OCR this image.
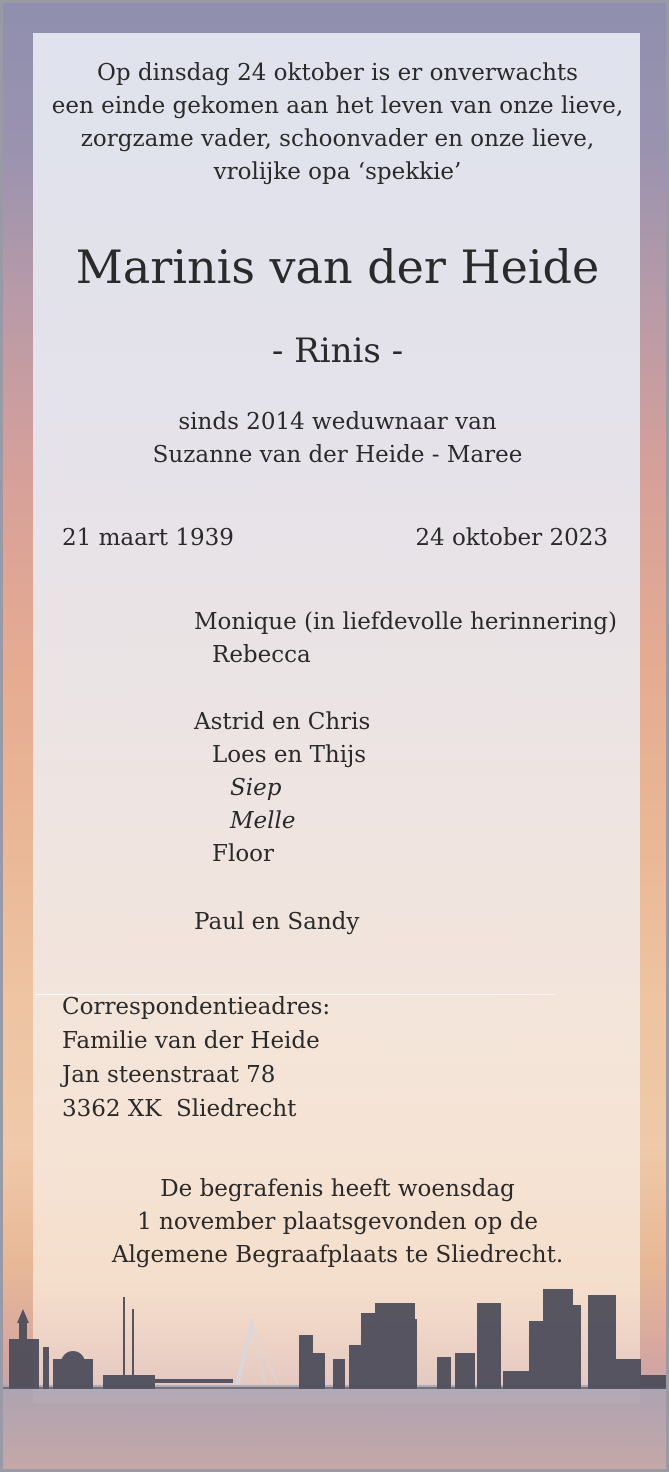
Op dinsdag 24 oktober is er onverwachts
een einde gekomen aan het leven van onze lieve,
zorgzame vader, schoonvader en onze lieve,
vrolijke opa ‘spekkie’
Marinis van der Heide
- Rinis -
sinds 2014 weduwnaar van
Suzanne van der Heide - Maree
21 maart 1939	24 oktober 2023
Monique (in liefdevolle herinnering)
Rebecca
Astrid en Chris
Loes en Thijs
Siep
Melle
Floor
Paul en Sandy
Correspondentieadres:
Familie van der Heide
Jan steenstraat 78
3362 XK  Sliedrecht
De begrafenis heeft woensdag
1 november plaatsgevonden op de
Algemene Begraafplaats te Sliedrecht.
